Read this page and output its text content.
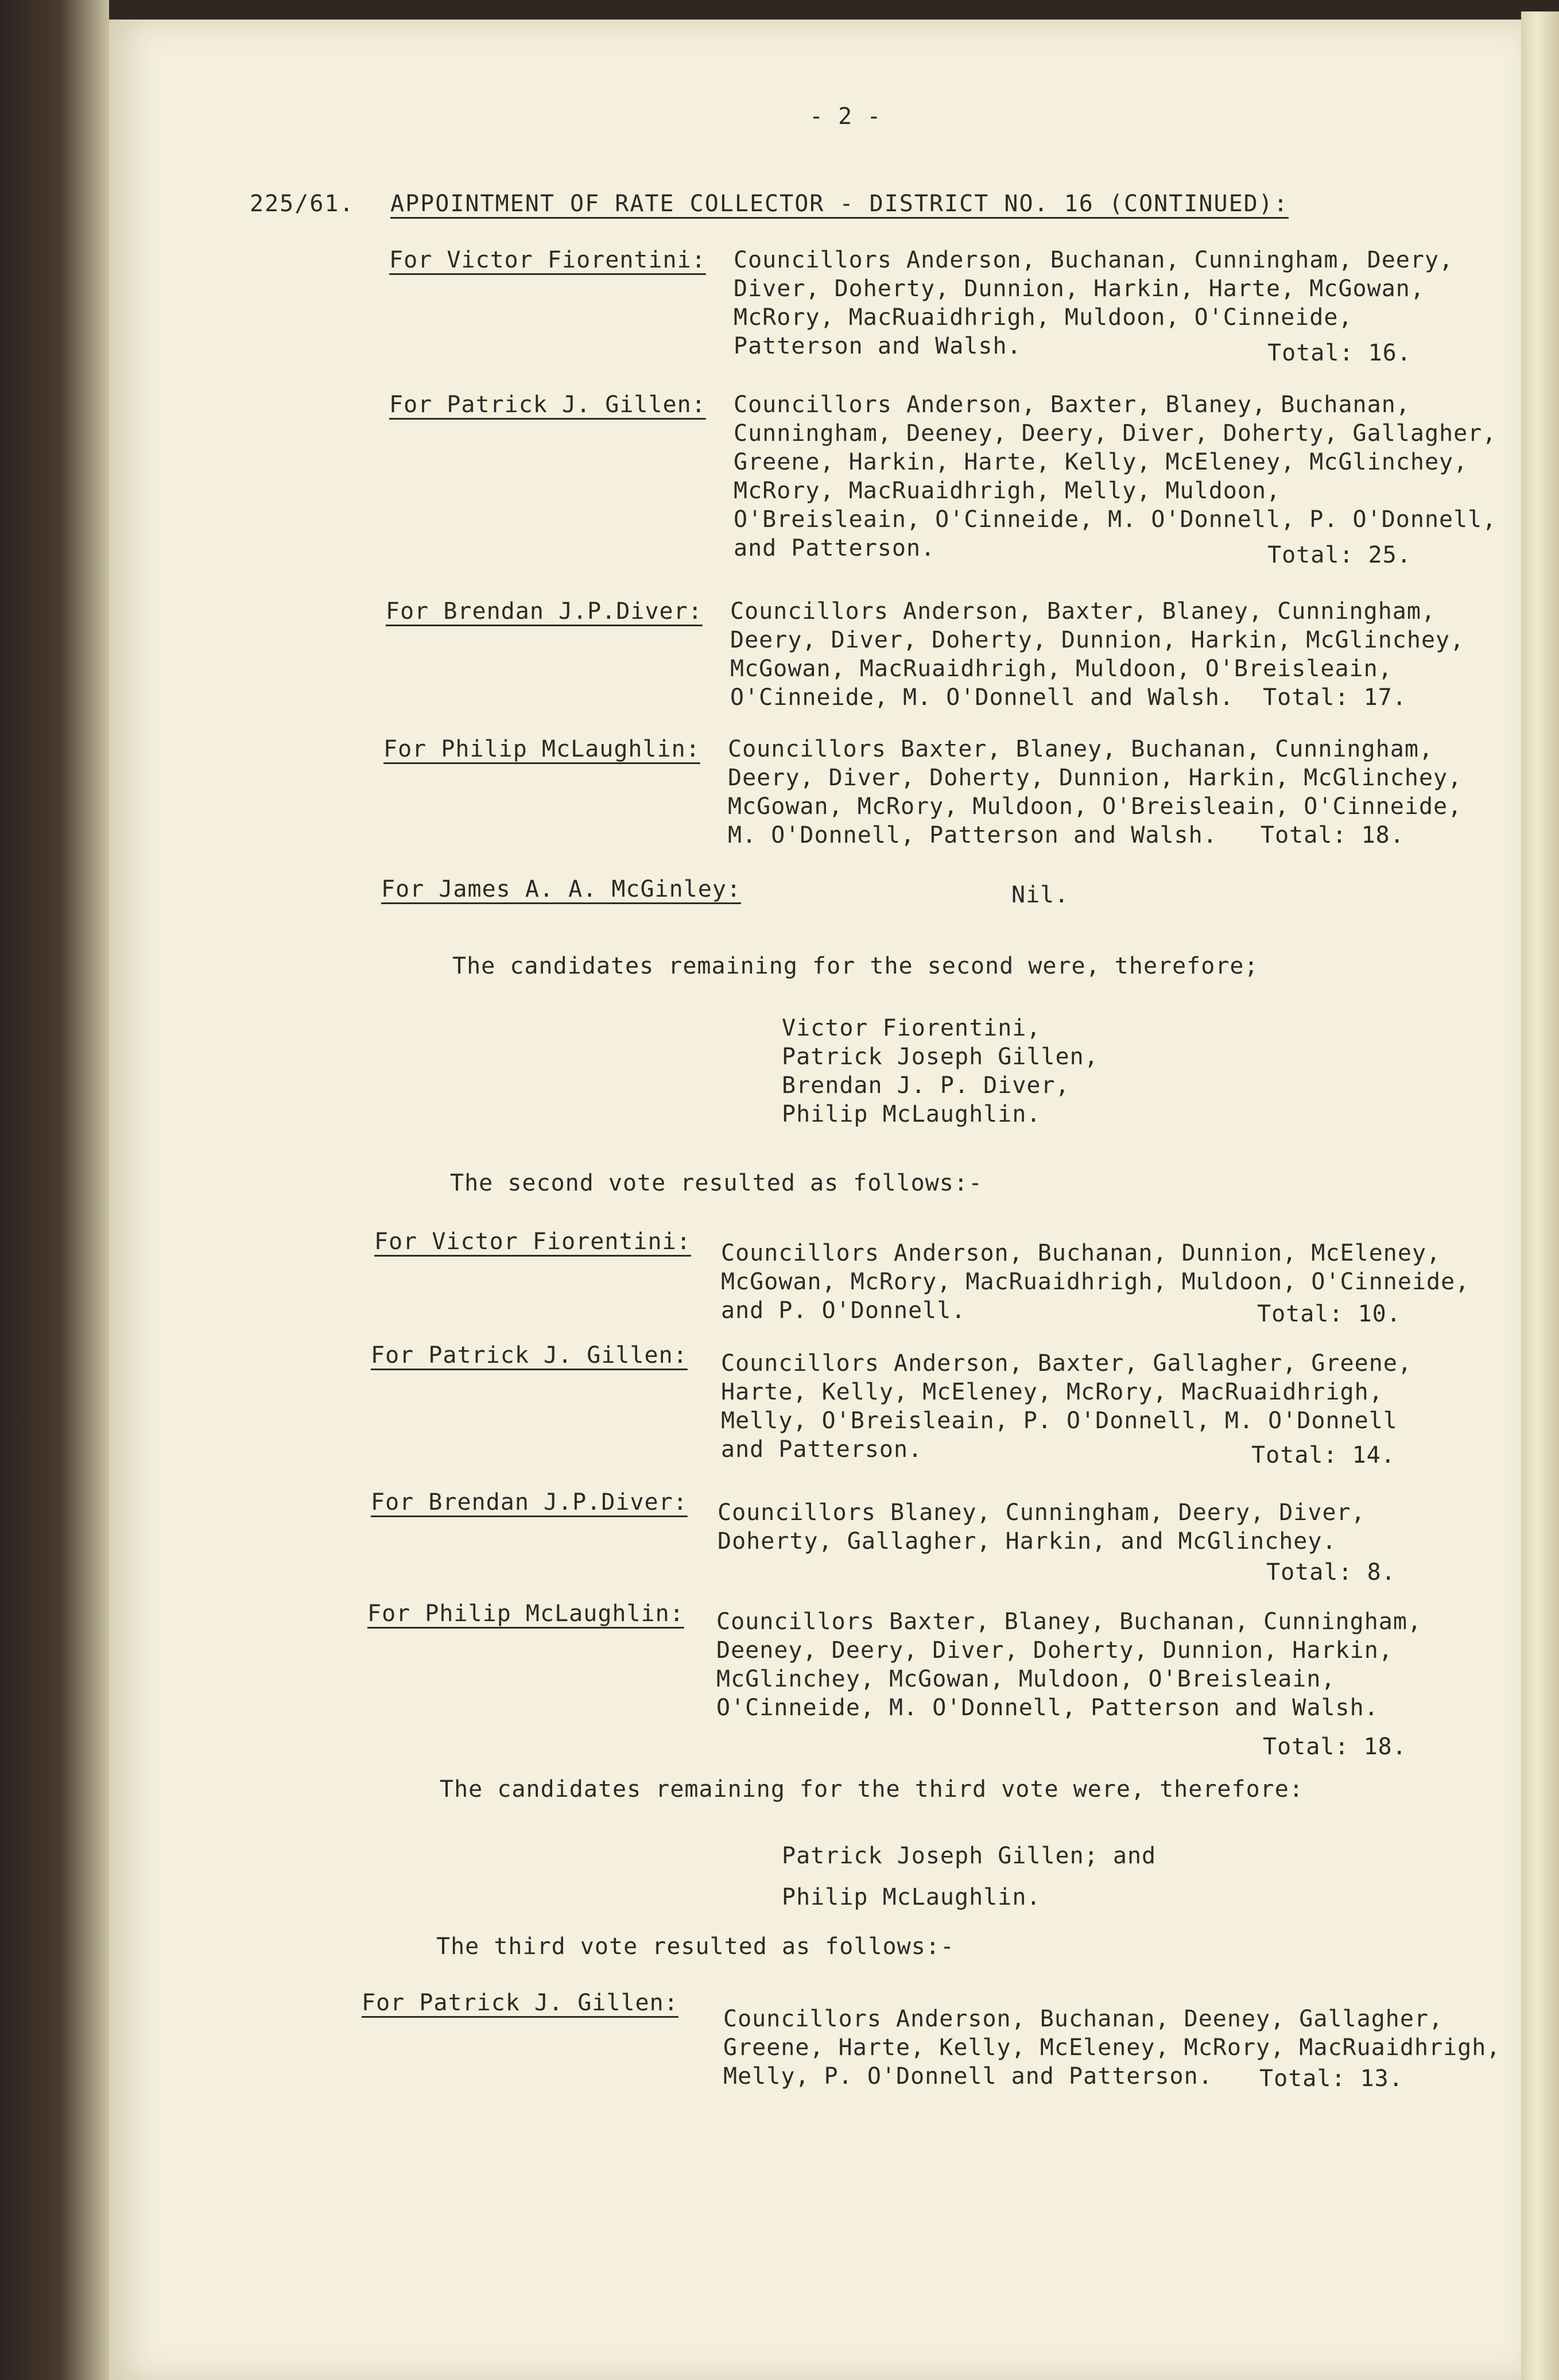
- 2 -
225/61. APPOINTMENT OF RATE COLLECTOR - DISTRICT NO. 16 (CONTINUED):
For Victor Fiorentini: Councillors Anderson, Buchanan, Cunningham, Deery,
Diver, Doherty, Dunnion, Harkin, Harte, McGowan,
McRory, MacRuaidhrigh, Muldoon, O'Cinneide,
Patterson and Walsh.	Total: 16.
For Patrick J. Gillen: Councillors Anderson, Baxter, Blaney, Buchanan,
Cunningham, Deeney, Deery, Diver, Doherty, Gallagher,
Greene, Harkin, Harte, Kelly, McEleney, McGlinchey,
McRory, MacRuaidhrigh, Melly, Muldoon,
O'Breisleain, O'Cinneide, M. O'Donnell, P. O'Donnell,
and Patterson.	Total: 25.
For Brendan J.P.Diver: Councillors Anderson, Baxter, Blaney, Cunningham,
Deery, Diver, Doherty, Dunnion, Harkin, McGlinchey,
McGowan, MacRuaidhrigh, Muldoon, O'Breisleain,
O'Cinneide, M. O'Donnell and Walsh. Total: 17.
For Philip McLaughlin: Councillors Baxter, Blaney, Buchanan, Cunningham,
Deery, Diver, Doherty, Dunnion, Harkin, McGlinchey,
McGowan, McRory, Muldoon, O'Breisleain, O'Cinneide,
M. O'Donnell, Patterson and Walsh. Total: 18.
For James A. A. McGinley:	Nil.
The candidates remaining for the second were, therefore;
Victor Fiorentini,
Patrick Joseph Gillen,
Brendan J. P. Diver,
Philip McLaughlin.
The second vote resulted as follows:-
For Victor Fiorentini: Councillors Anderson, Buchanan, Dunnion, McEleney,
McGowan, McRory, MacRuaidhrigh, Muldoon, O'Cinneide,
and P. O'Donnell.	Total: 10.
For Patrick J. Gillen: Councillors Anderson, Baxter, Gallagher, Greene,
Harte, Kelly, McEleney, McRory, MacRuaidhrigh,
Melly, O'Breisleain, P. O'Donnell, M. O'Donnell
and Patterson.	Total: 14.
For Brendan J.P.Diver: Councillors Blaney, Cunningham, Deery, Diver,
Doherty, Gallagher, Harkin, and McGlinchey.
Total: 8.
For Philip McLaughlin: Councillors Baxter, Blaney, Buchanan, Cunningham,
Deeney, Deery, Diver, Doherty, Dunnion, Harkin,
McGlinchey, McGowan, Muldoon, O'Breisleain,
O'Cinneide, M. O'Donnell, Patterson and Walsh.
Total: 18.
The candidates remaining for the third vote were, therefore:
Patrick Joseph Gillen; and
Philip McLaughlin.
The third vote resulted as follows:-
For Patrick J. Gillen:
Councillors Anderson, Buchanan, Deeney, Gallagher,
Greene, Harte, Kelly, McEleney, McRory, MacRuaidhrigh,
Melly, P. O'Donnell and Patterson. Total: 13.
